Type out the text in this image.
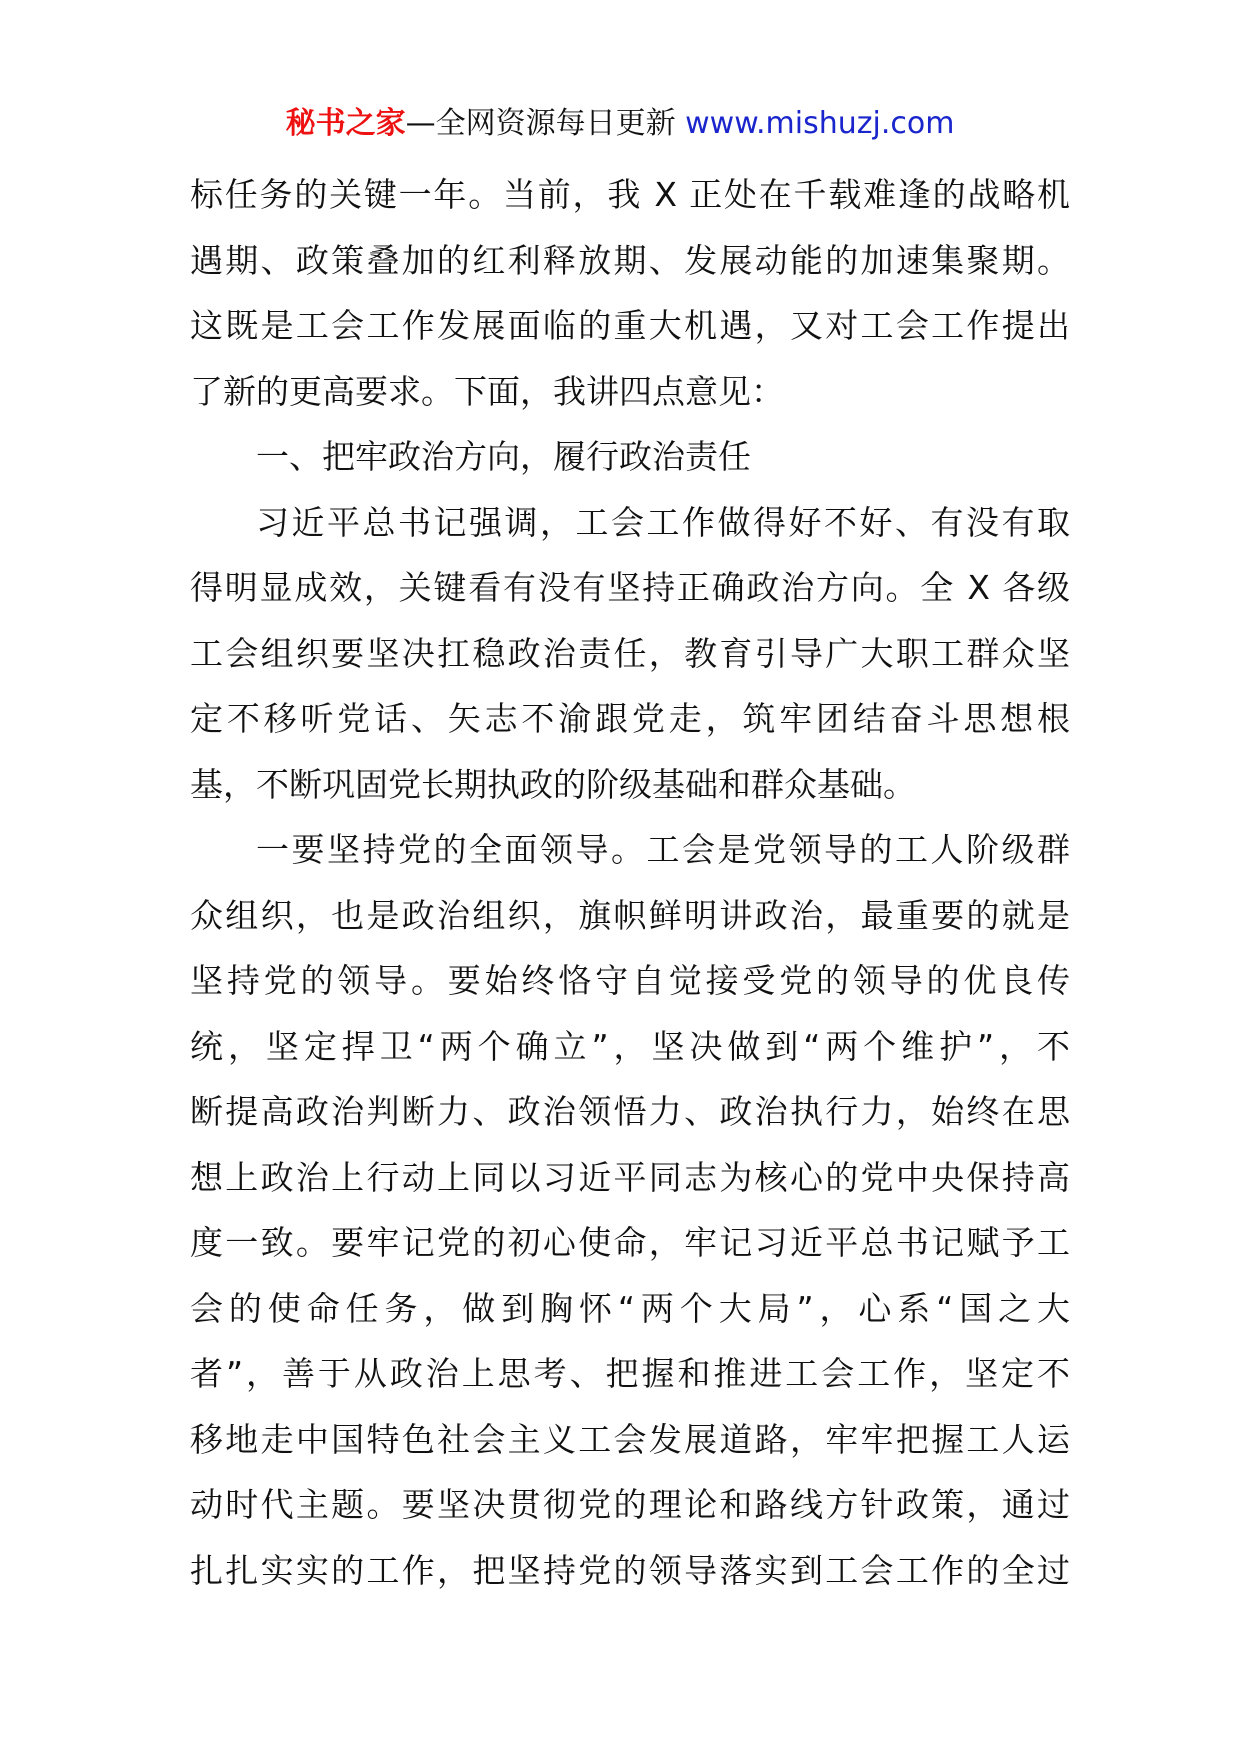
秘书之家—全网资源每日更新 www.mishuzj.com
标任务的关键一年。当前，我 X 正处在千载难逢的战略机
遇期、政策叠加的红利释放期、发展动能的加速集聚期。
这既是工会工作发展面临的重大机遇，又对工会工作提出
了新的更高要求。下面，我讲四点意见：
一、把牢政治方向，履行政治责任
习近平总书记强调，工会工作做得好不好、有没有取
得明显成效，关键看有没有坚持正确政治方向。全 X 各级
工会组织要坚决扛稳政治责任，教育引导广大职工群众坚
定不移听党话、矢志不渝跟党走，筑牢团结奋斗思想根
基，不断巩固党长期执政的阶级基础和群众基础。
一要坚持党的全面领导。工会是党领导的工人阶级群
众组织，也是政治组织，旗帜鲜明讲政治，最重要的就是
坚持党的领导。要始终恪守自觉接受党的领导的优良传
统，坚定捍卫“两个确立”，坚决做到“两个维护”，不
断提高政治判断力、政治领悟力、政治执行力，始终在思
想上政治上行动上同以习近平同志为核心的党中央保持高
度一致。要牢记党的初心使命，牢记习近平总书记赋予工
会的使命任务，做到胸怀“两个大局”，心系“国之大
者”，善于从政治上思考、把握和推进工会工作，坚定不
移地走中国特色社会主义工会发展道路，牢牢把握工人运
动时代主题。要坚决贯彻党的理论和路线方针政策，通过
扎扎实实的工作，把坚持党的领导落实到工会工作的全过
